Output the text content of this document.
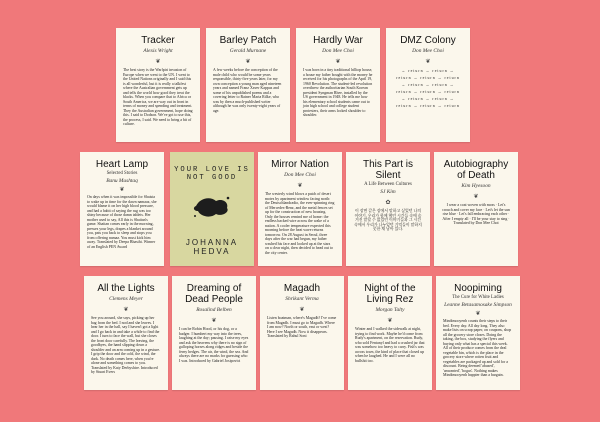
Tracker
Alexis Wright
❦
The best story is the Warlpiri invasion of Europe when we went to the UN. I went to the United Nations originally and I said this is all wonderful, but it is really a talkfest where the Australian government gets up and tells the world how good they treat the blacks. When you compare that to Africa or South America, we are way out in front in terms of money and spending and treatment. They the Australian government, hope doing this. I said to Dodson. We've got to use this, the process, I said. We need to bring a bit of culture.
Barley Patch
Gerald Murnane
❦
A few weeks before the conception of the male child who would be some years responsible, thirty-five years later, for my own conception a young man aged nineteen years and named Franz Xaver Kappus and some of his unpublished poems and a covering letter to Rainer Maria Rilke, who was by then a much-published writer although he was only twenty-eight years of age.
Hardly War
Don Mee Choi
❦
I was born in a tiny traditional hilltop house, a house my father bought with the money he received for his photographs of the April 19, 1960 Revolution. The student-led revolution overthrew the authoritarian South Korean president Syngman Rhee, installed by the US government in 1948. He tells me how his elementary school students came out to join high school and college student protesters, their arms locked shoulder to shoulder.
DMZ Colony
Don Mee Choi
❦
→ return → return → return → return → return → return → return → return → return → return → return → return → return → return → return
Heart Lamp
Selected Stories
Banu Mushtaq
❦
On days when it was impossible for Shaista to wake up in time for the dawn namaaz, she would blame it on her high blood pressure, and had a habit of saying the rug was too shiny because of those damn tablets. Her mother used to say, All this is Shaitan's game. Shaitan comes early in the morning, presses your legs, drapes a blanket around you, pats you back to sleep and stops you from offering namaz. You must kick him away. Translated by Deepa Bhasthi. Winner of an English PEN Award
YOUR LOVE IS NOT GOOD
JOHANNA HEDVA
Mirror Nation
Don Mee Choi
❦
The westerly wind blows a patch of desert motes by apartment window facing north: the Deutschlandradio, the ever-spinning ring of Mercedes-Benz, and the metal fences set up for the construction of new housing. Only the houses remind me of home: the endless backed wire across the wake of a nation. A cooler temperature expected this morning before the heat wave returns tomorrow. On 28 August in Seoul, three days after the war had begun, my father washed his face and looked up at the stars on a clear night, then decided to head out to the city center.
This Part is Silent
A Life Between Cultures
SJ Kim
✿
이 장면 같은 장에서 말하고 싶었던 나의 이야기, 우리가 함께 했던 시간들 속에 숨겨진 말할 수 없었던 이야기들과 그 시간 속에서 우리가 나누었던 기억들이 말하지 못한 채 남아 있다.
Autobiography of Death
Kim Hyesoon
❦
I wear a coat woven with moss · Let's crouch and cover my face · Let's let the sun rise blue · Let's fall embracing each other · After I empty all · I'll be your stay to sing · Translated by Don Mee Choi
All the Lights
Clemens Meyer
❦
See you around, she says, picking up her bag from the bed. I nod and she leaves. I hear her in the hall, say I haven't got a light and I go back in and take a while to find the door. I turn to face the wall, but she closes the front door carefully. The leaving, the goodbyes, the hand slipping down a shoulder and an arm coming up in a gesture. I grip the door and the cold, the wind, the dark. No death comes here, when you're alone and something comes to you. Translated by Katy Derbyshire. Introduced by Stuart Evers
Dreaming of Dead People
Rosalind Belben
❦
I can be Robin Hood, or his dog, or a badger. I humbert my way into the trees, laughing at the day; pausing. I raise my eyes and ask the heavens why there is no sign of galloping horses along ridges and beside the ferny hedges. The air, the wind, the sea. And always there are no marks for guessing who I was. Introduced by Gabriel Josipovici
Magadh
Shrikant Verma
❦
Listen boatman, where's Magadh? I've come from Magadh. I must go to Magadh. Where I am now? North or south, east or west? Here I see Magadh. Now it disappears. Translated by Rahul Soni
Night of the Living Rez
Morgan Talty
❦
Winter and I walked the sidewalk at night, trying to find work. Maybe he'd come from Rudy's apartment, on the reservation. Rudy, who sold Fentanyl and had a crushed jar that was somehow too heavy to carry. Fish's was across town, the kind of place that closed up when he laughed. He and I were all no bullshit too.
Noopiming
The Cure for White Ladies
Leanne Betasamosake Simpson
❦
Mindimooyenh counts their steps to their bed. Every day. All day long. They also make lists on scrap paper, on coupons, shop all the grocery store closes. Doing the taking, the box, studying the flyers and buying only what has a special this week. All of their produce comes from the deal vegetable bin, which is the place in the grocery store where rotten fruit and vegetables are packaged up and sold for a discount. Being deemed 'abused', 'unwanted', 'bogus'. Nothing makes Mindimooyenh happier than a bargain.
